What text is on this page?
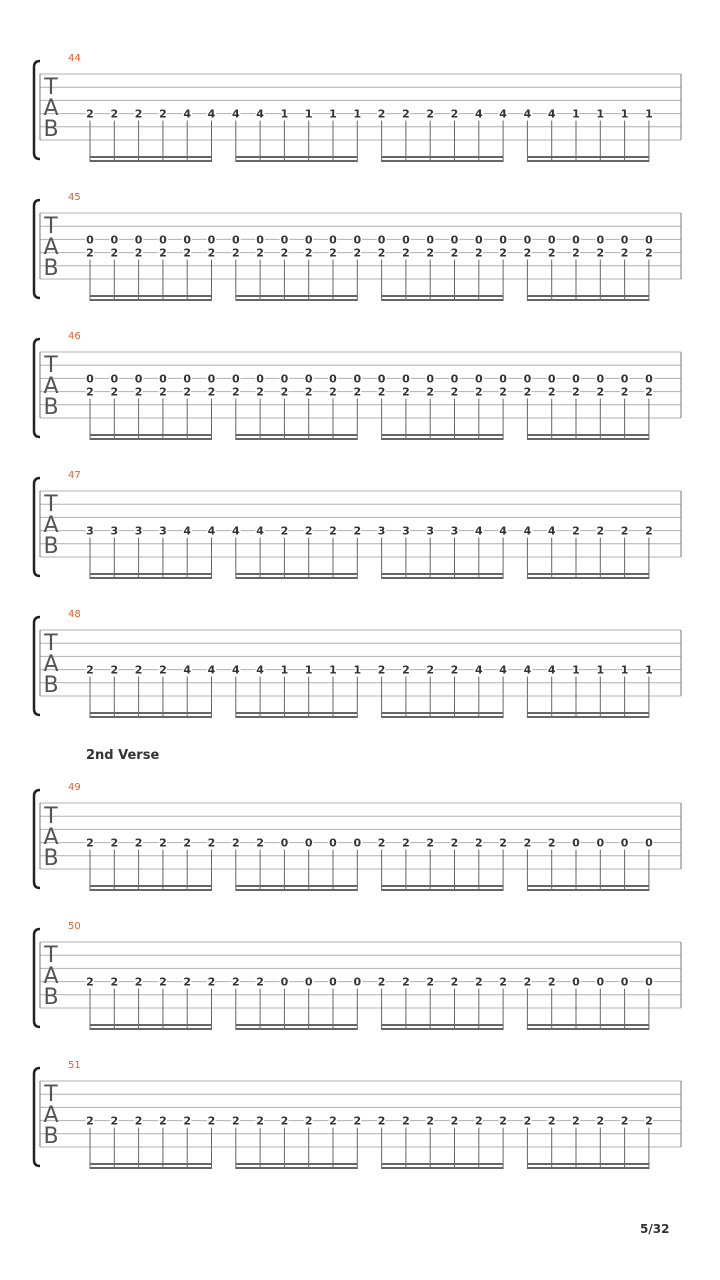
T
A
B
44
2 2 2 2 4 4 4 4 1 1 1 1 2 2 2 2 4 4 4 4 1 1 1 1
T
A
B
45
0
2
0
2
0
2
0
2
0
2
0
2
0
2
0
2
0
2
0
2
0
2
0
2
0
2
0
2
0
2
0
2
0
2
0
2
0
2
0
2
0
2
0
2
0
2
0
2
T
A
B
46
0
2
0
2
0
2
0
2
0
2
0
2
0
2
0
2
0
2
0
2
0
2
0
2
0
2
0
2
0
2
0
2
0
2
0
2
0
2
0
2
0
2
0
2
0
2
0
2
T
A
B
47
3 3 3 3 4 4 4 4 2 2 2 2 3 3 3 3 4 4 4 4 2 2 2 2
T
A
B
48
2 2 2 2 4 4 4 4 1 1 1 1 2 2 2 2 4 4 4 4 1 1 1 1
T
A
B
49
2 2 2 2 2 2 2 2 0 0 0 0 2 2 2 2 2 2 2 2 0 0 0 0
T
A
B
50
2 2 2 2 2 2 2 2 0 0 0 0 2 2 2 2 2 2 2 2 0 0 0 0
T
A
B
51
2 2 2 2 2 2 2 2 2 2 2 2 2 2 2 2 2 2 2 2 2 2 2 2
2nd Verse
5/32
